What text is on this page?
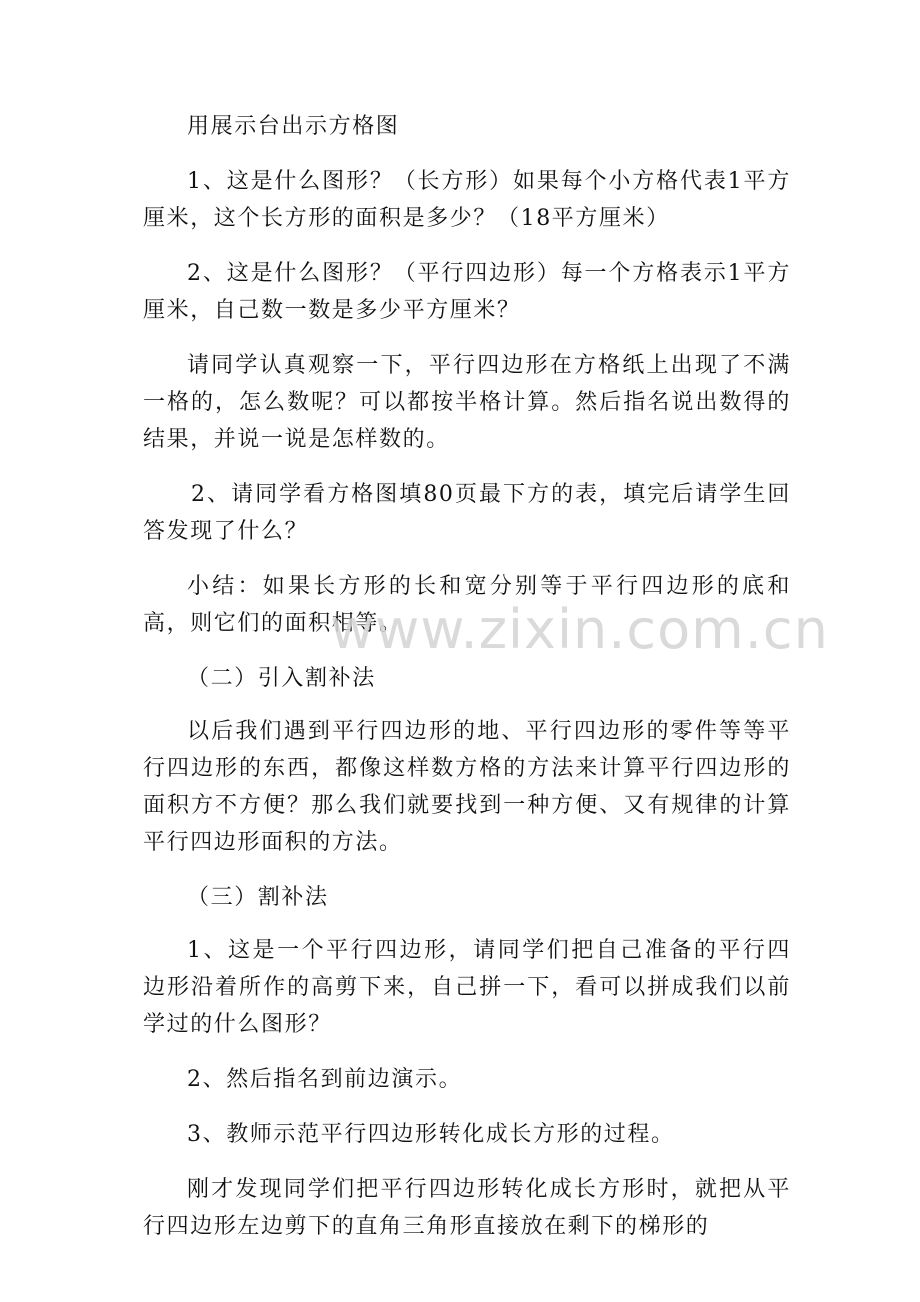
用展示台出示方格图

1、这是什么图形？（长方形）如果每个小方格代表1平方厘米，这个长方形的面积是多少？（18平方厘米）

2、这是什么图形？（平行四边形）每一个方格表示1平方厘米，自己数一数是多少平方厘米？

请同学认真观察一下，平行四边形在方格纸上出现了不满一格的，怎么数呢？可以都按半格计算。然后指名说出数得的结果，并说一说是怎样数的。

2、请同学看方格图填80页最下方的表，填完后请学生回答发现了什么？

小结：如果长方形的长和宽分别等于平行四边形的底和高，则它们的面积相等。

（二）引入割补法

以后我们遇到平行四边形的地、平行四边形的零件等等平行四边形的东西，都像这样数方格的方法来计算平行四边形的面积方不方便？那么我们就要找到一种方便、又有规律的计算平行四边形面积的方法。

（三）割补法

1、这是一个平行四边形，请同学们把自己准备的平行四边形沿着所作的高剪下来，自己拼一下，看可以拼成我们以前学过的什么图形？

2、然后指名到前边演示。

3、教师示范平行四边形转化成长方形的过程。

刚才发现同学们把平行四边形转化成长方形时，就把从平行四边形左边剪下的直角三角形直接放在剩下的梯形的

www.zixin.com.cn
